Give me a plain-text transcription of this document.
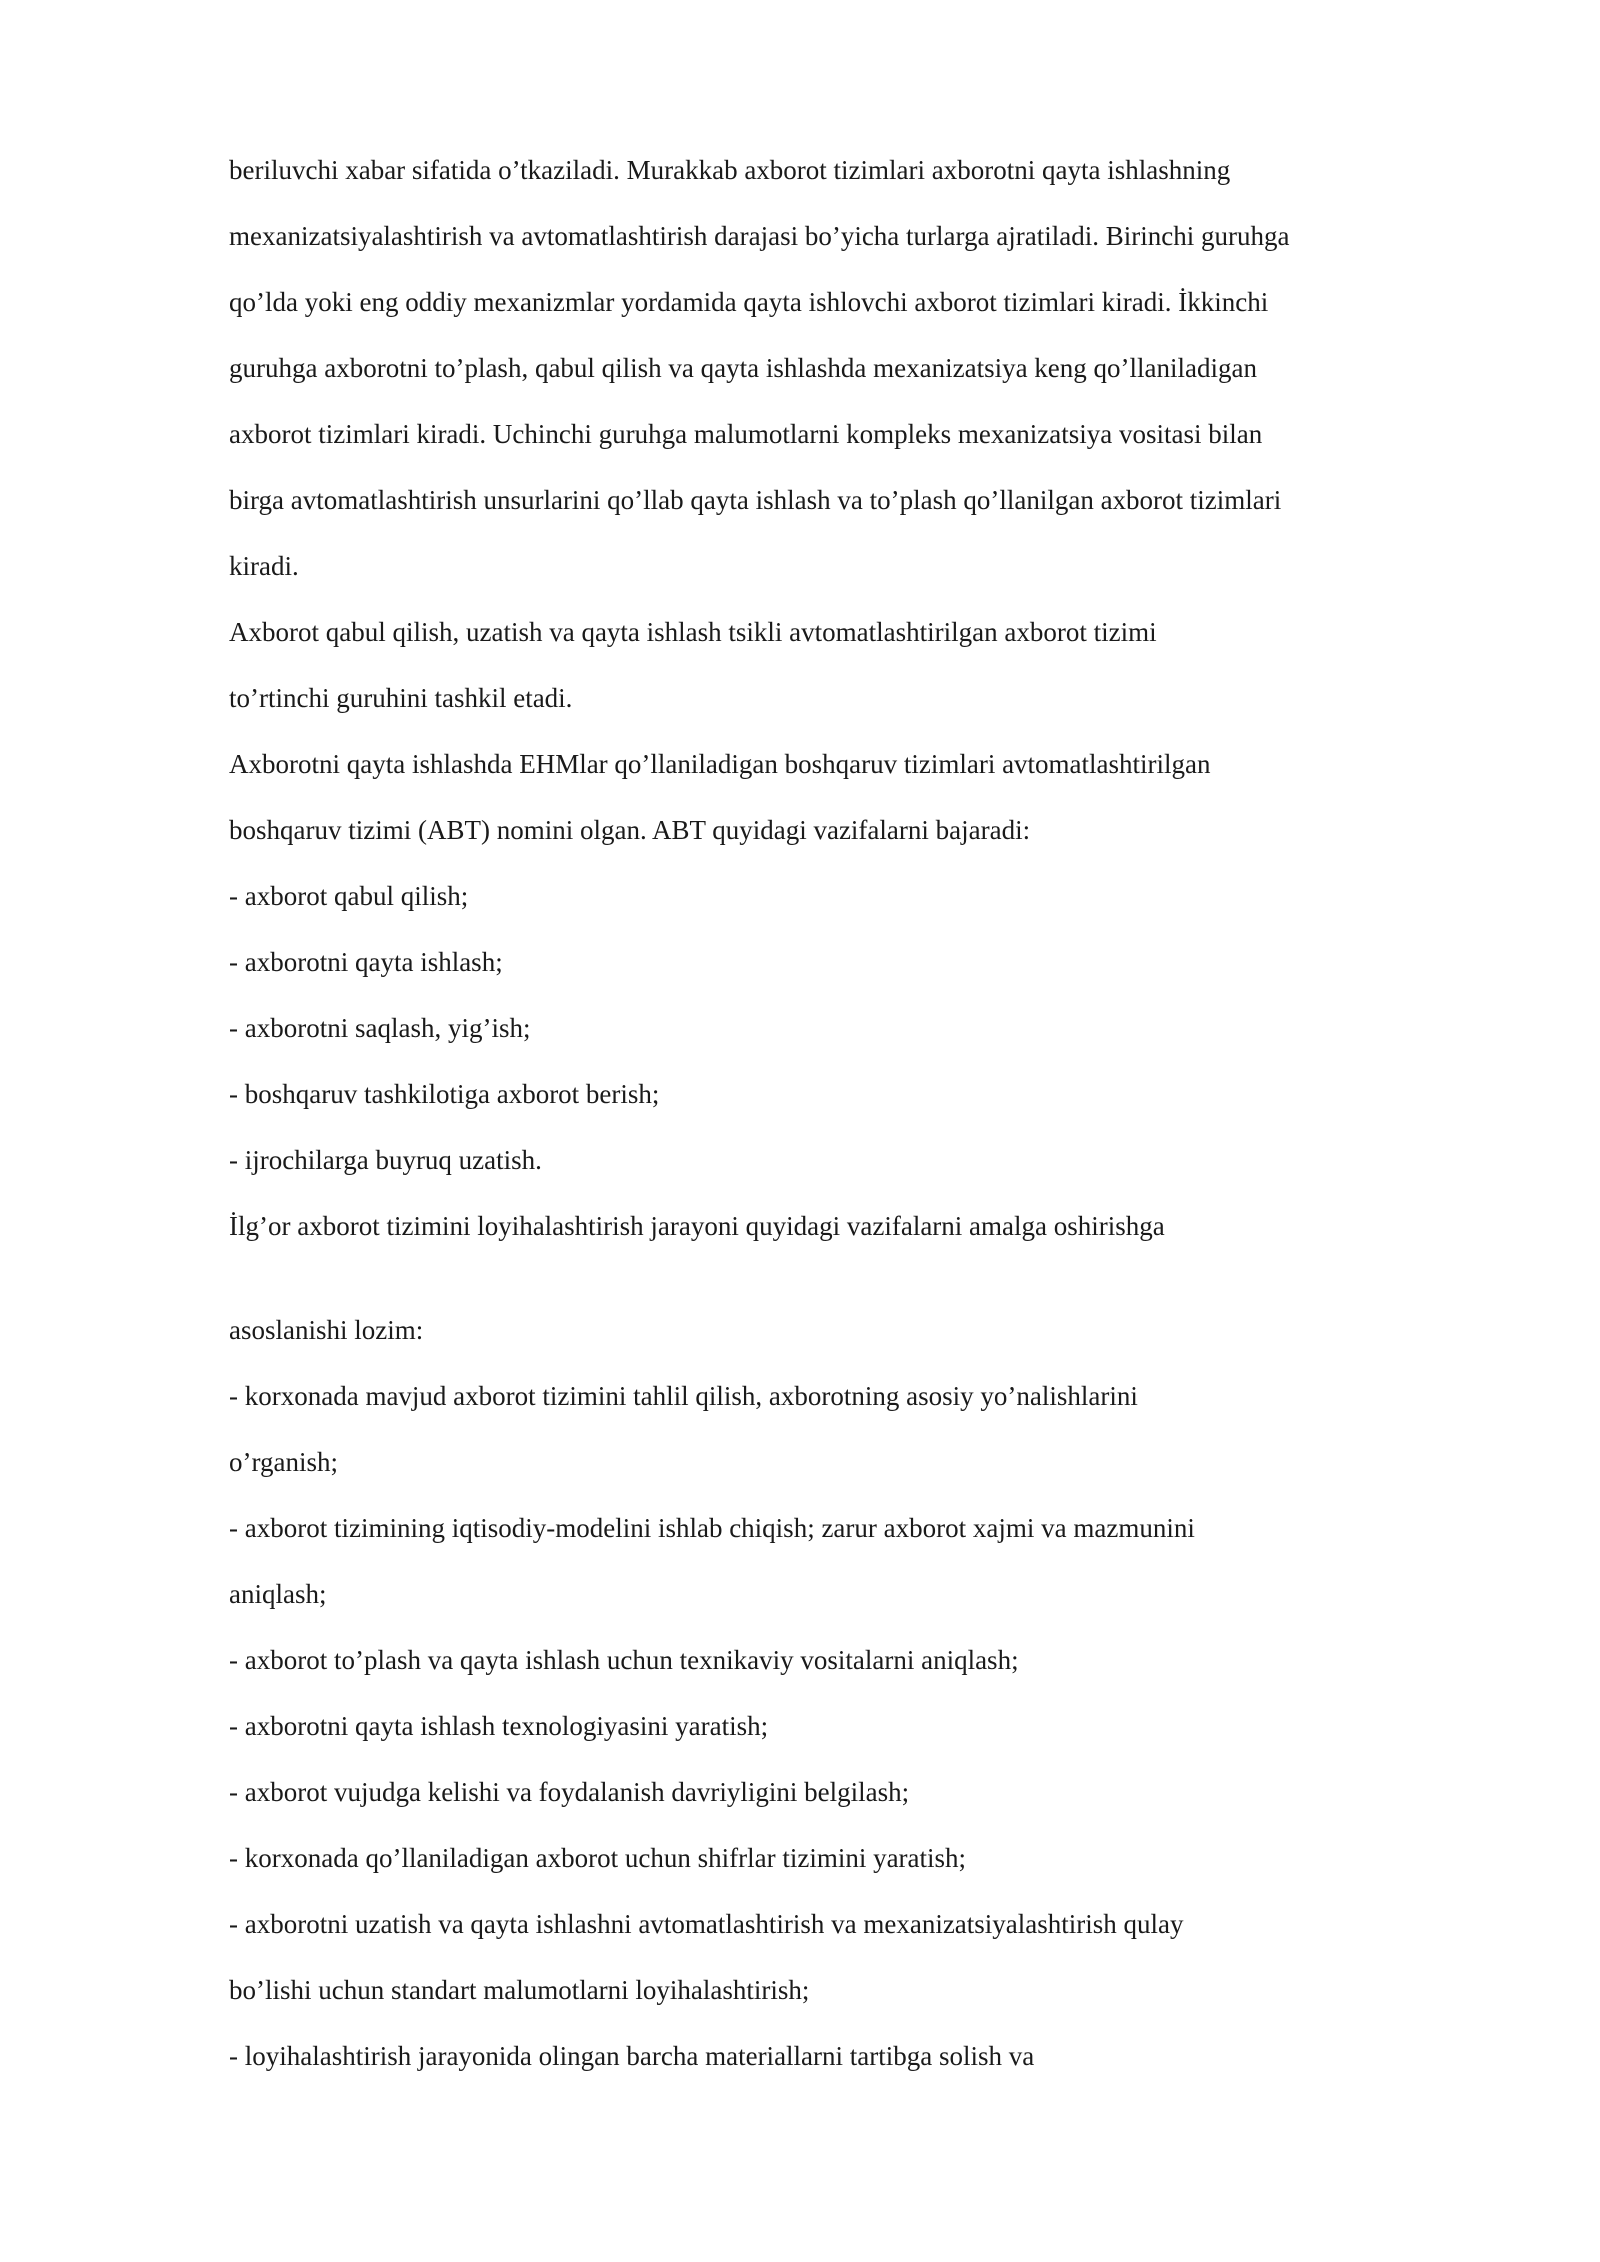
beriluvchi xabar sifatida o’tkaziladi. Murakkab axborot tizimlari axborotni qayta ishlashning
mexanizatsiyalashtirish va avtomatlashtirish darajasi bo’yicha turlarga ajratiladi. Birinchi guruhga
qo’lda yoki eng oddiy mexanizmlar yordamida qayta ishlovchi axborot tizimlari kiradi. İkkinchi
guruhga axborotni to’plash, qabul qilish va qayta ishlashda mexanizatsiya keng qo’llaniladigan
axborot tizimlari kiradi. Uchinchi guruhga malumotlarni kompleks mexanizatsiya vositasi bilan
birga avtomatlashtirish unsurlarini qo’llab qayta ishlash va to’plash qo’llanilgan axborot tizimlari
kiradi.
Axborot qabul qilish, uzatish va qayta ishlash tsikli avtomatlashtirilgan axborot tizimi
to’rtinchi guruhini tashkil etadi.
Axborotni qayta ishlashda EHMlar qo’llaniladigan boshqaruv tizimlari avtomatlashtirilgan
boshqaruv tizimi (ABT) nomini olgan. ABT quyidagi vazifalarni bajaradi:
- axborot qabul qilish;
- axborotni qayta ishlash;
- axborotni saqlash, yig’ish;
- boshqaruv tashkilotiga axborot berish;
- ijrochilarga buyruq uzatish.
İlg’or axborot tizimini loyihalashtirish jarayoni quyidagi vazifalarni amalga oshirishga
asoslanishi lozim:
- korxonada mavjud axborot tizimini tahlil qilish, axborotning asosiy yo’nalishlarini
o’rganish;
- axborot tizimining iqtisodiy-modelini ishlab chiqish; zarur axborot xajmi va mazmunini
aniqlash;
- axborot to’plash va qayta ishlash uchun texnikaviy vositalarni aniqlash;
- axborotni qayta ishlash texnologiyasini yaratish;
- axborot vujudga kelishi va foydalanish davriyligini belgilash;
- korxonada qo’llaniladigan axborot uchun shifrlar tizimini yaratish;
- axborotni uzatish va qayta ishlashni avtomatlashtirish va mexanizatsiyalashtirish qulay
bo’lishi uchun standart malumotlarni loyihalashtirish;
- loyihalashtirish jarayonida olingan barcha materiallarni tartibga solish va
